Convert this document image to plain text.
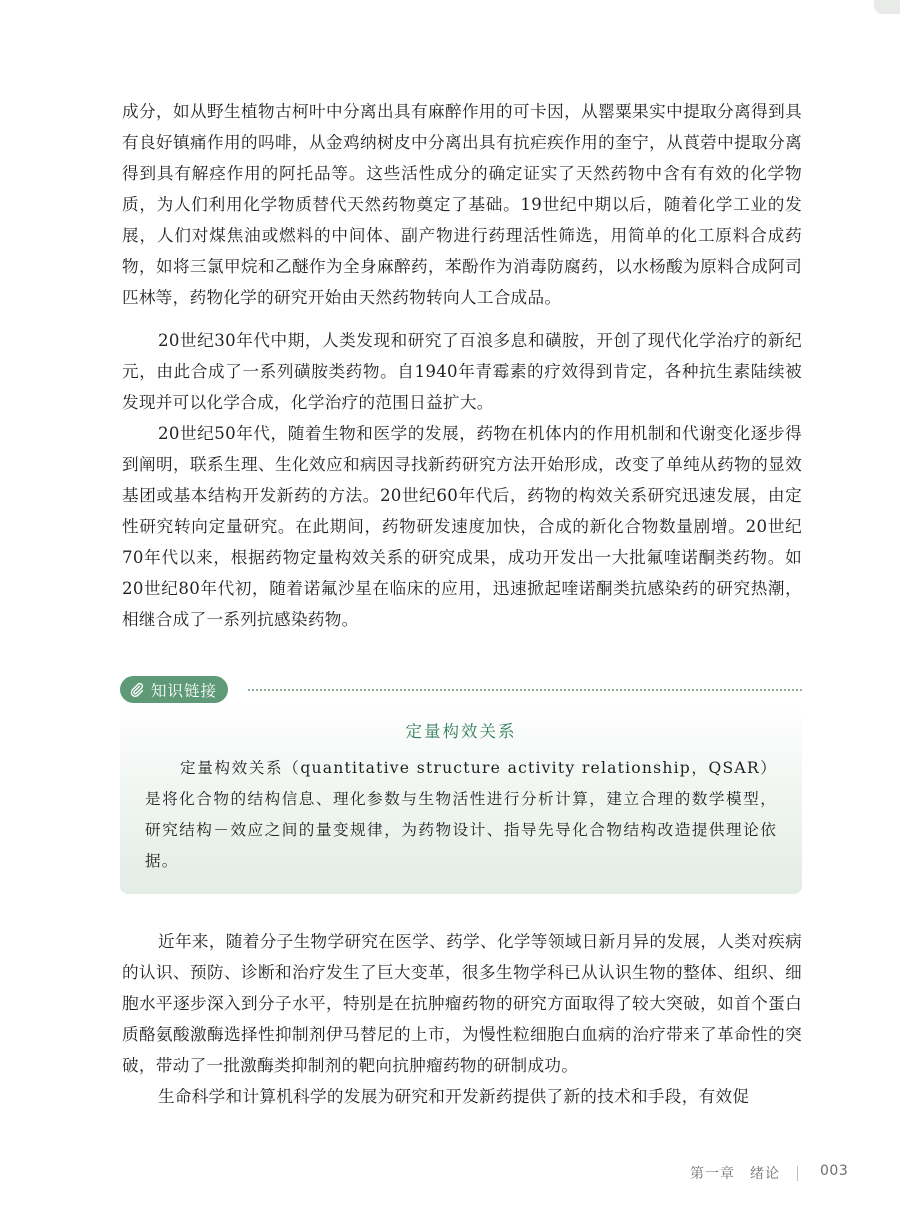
成分，如从野生植物古柯叶中分离出具有麻醉作用的可卡因，从罂粟果实中提取分离得到具有良好镇痛作用的吗啡，从金鸡纳树皮中分离出具有抗疟疾作用的奎宁，从莨菪中提取分离得到具有解痉作用的阿托品等。这些活性成分的确定证实了天然药物中含有有效的化学物质，为人们利用化学物质替代天然药物奠定了基础。19世纪中期以后，随着化学工业的发展，人们对煤焦油或燃料的中间体、副产物进行药理活性筛选，用简单的化工原料合成药物，如将三氯甲烷和乙醚作为全身麻醉药，苯酚作为消毒防腐药，以水杨酸为原料合成阿司匹林等，药物化学的研究开始由天然药物转向人工合成品。

20世纪30年代中期，人类发现和研究了百浪多息和磺胺，开创了现代化学治疗的新纪元，由此合成了一系列磺胺类药物。自1940年青霉素的疗效得到肯定，各种抗生素陆续被发现并可以化学合成，化学治疗的范围日益扩大。

20世纪50年代，随着生物和医学的发展，药物在机体内的作用机制和代谢变化逐步得到阐明，联系生理、生化效应和病因寻找新药研究方法开始形成，改变了单纯从药物的显效基团或基本结构开发新药的方法。20世纪60年代后，药物的构效关系研究迅速发展，由定性研究转向定量研究。在此期间，药物研发速度加快，合成的新化合物数量剧增。20世纪70年代以来，根据药物定量构效关系的研究成果，成功开发出一大批氟喹诺酮类药物。如20世纪80年代初，随着诺氟沙星在临床的应用，迅速掀起喹诺酮类抗感染药的研究热潮，相继合成了一系列抗感染药物。

知识链接
定量构效关系

定量构效关系（quantitative structure activity relationship，QSAR）是将化合物的结构信息、理化参数与生物活性进行分析计算，建立合理的数学模型，研究结构－效应之间的量变规律，为药物设计、指导先导化合物结构改造提供理论依据。

近年来，随着分子生物学研究在医学、药学、化学等领域日新月异的发展，人类对疾病的认识、预防、诊断和治疗发生了巨大变革，很多生物学科已从认识生物的整体、组织、细胞水平逐步深入到分子水平，特别是在抗肿瘤药物的研究方面取得了较大突破，如首个蛋白质酪氨酸激酶选择性抑制剂伊马替尼的上市，为慢性粒细胞白血病的治疗带来了革命性的突破，带动了一批激酶类抑制剂的靶向抗肿瘤药物的研制成功。

生命科学和计算机科学的发展为研究和开发新药提供了新的技术和手段，有效促

第一章　绪论	003
